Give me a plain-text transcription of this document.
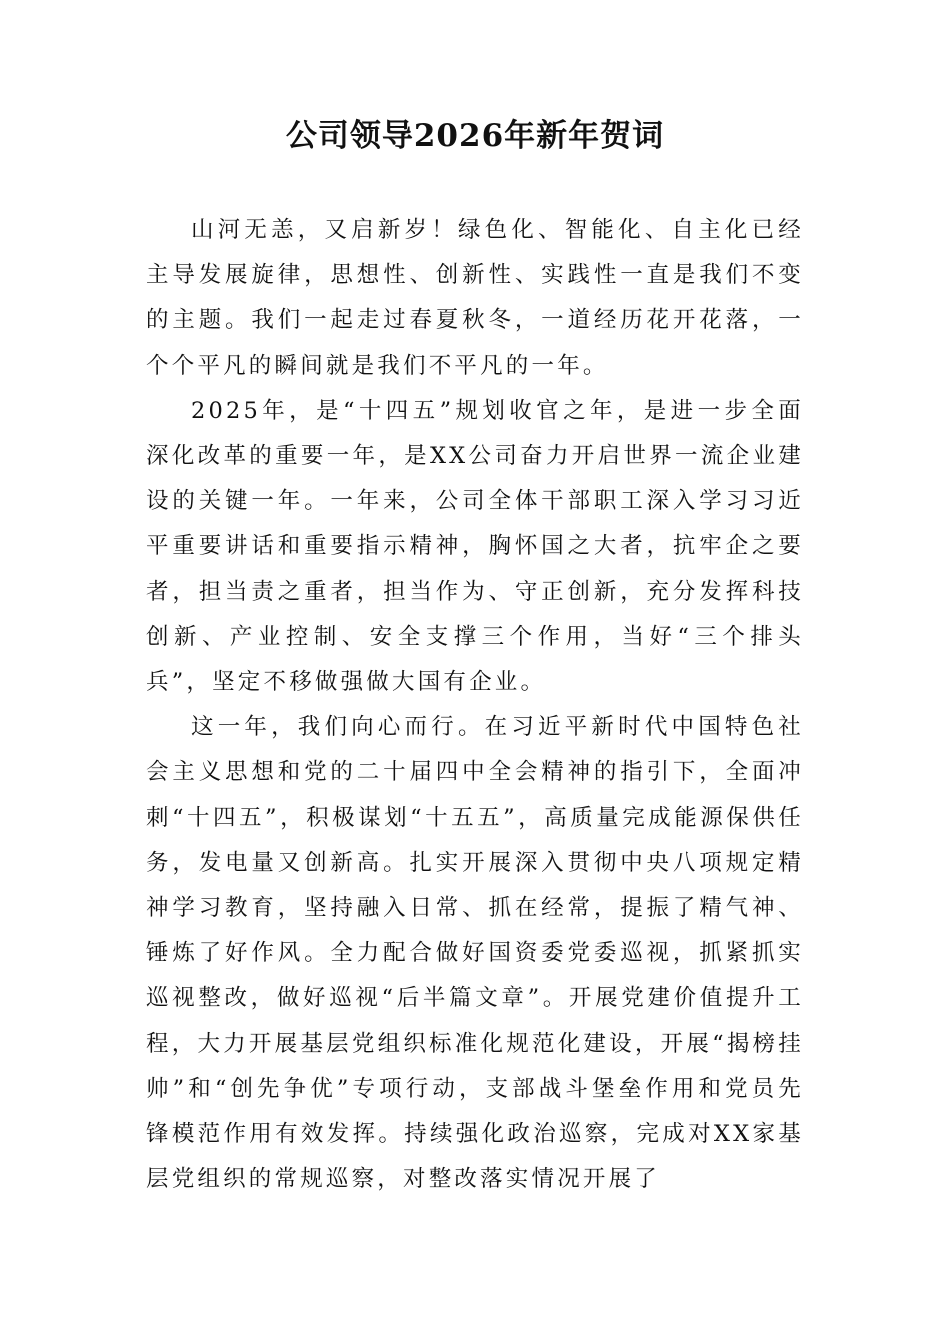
公司领导2026年新年贺词

山河无恙，又启新岁！绿色化、智能化、自主化已经主导发展旋律，思想性、创新性、实践性一直是我们不变的主题。我们一起走过春夏秋冬，一道经历花开花落，一个个平凡的瞬间就是我们不平凡的一年。

2025年，是“十四五”规划收官之年，是进一步全面深化改革的重要一年，是XX公司奋力开启世界一流企业建设的关键一年。一年来，公司全体干部职工深入学习习近平重要讲话和重要指示精神，胸怀国之大者，抗牢企之要者，担当责之重者，担当作为、守正创新，充分发挥科技创新、产业控制、安全支撑三个作用，当好“三个排头兵”，坚定不移做强做大国有企业。

这一年，我们向心而行。在习近平新时代中国特色社会主义思想和党的二十届四中全会精神的指引下，全面冲刺“十四五”，积极谋划“十五五”，高质量完成能源保供任务，发电量又创新高。扎实开展深入贯彻中央八项规定精神学习教育，坚持融入日常、抓在经常，提振了精气神、锤炼了好作风。全力配合做好国资委党委巡视，抓紧抓实巡视整改，做好巡视“后半篇文章”。开展党建价值提升工程，大力开展基层党组织标准化规范化建设，开展“揭榜挂帅”和“创先争优”专项行动，支部战斗堡垒作用和党员先锋模范作用有效发挥。持续强化政治巡察，完成对XX家基层党组织的常规巡察，对整改落实情况开展了
